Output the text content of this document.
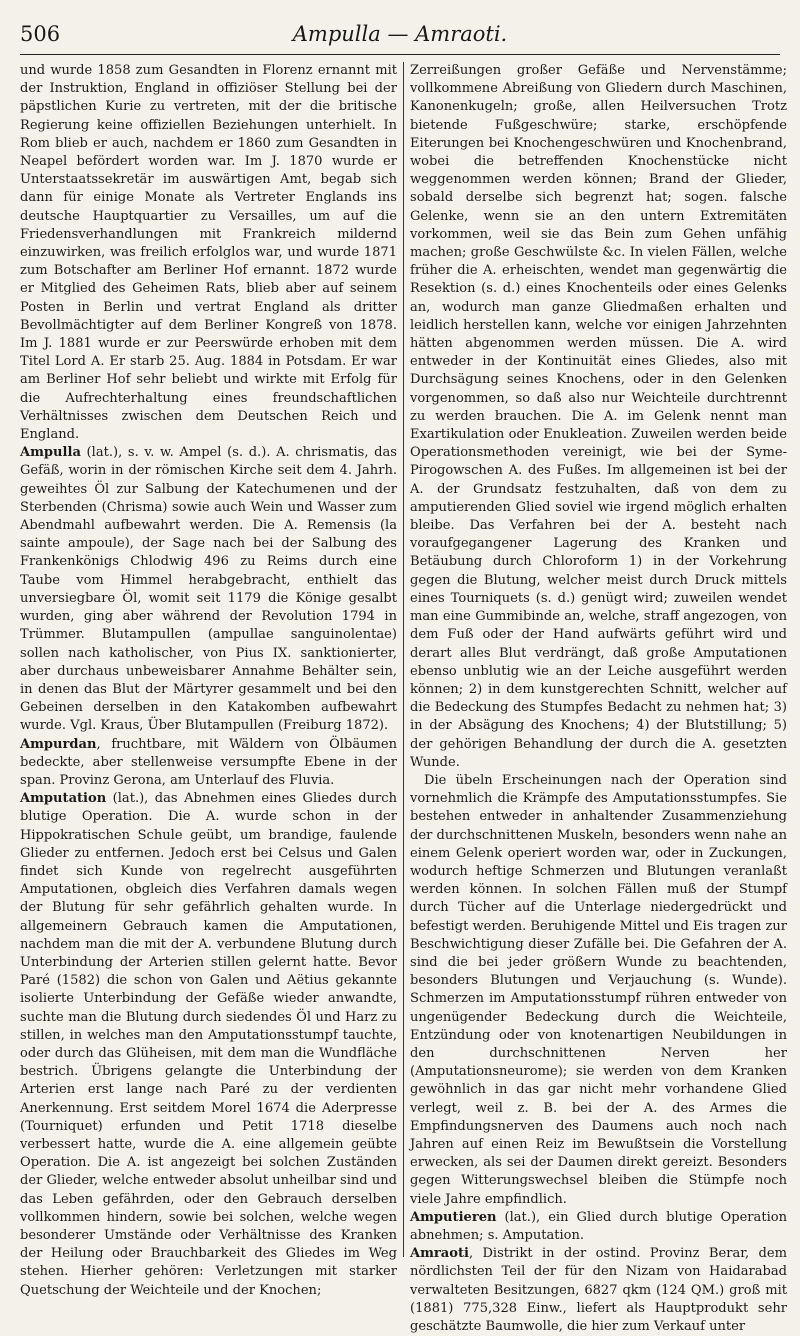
506	Ampulla — Amraoti.

und wurde 1858 zum Gesandten in Florenz ernannt mit der Instruktion, England in offiziöser Stellung bei der päpstlichen Kurie zu vertreten, mit der die britische Regierung keine offiziellen Beziehungen unterhielt. In Rom blieb er auch, nachdem er 1860 zum Gesandten in Neapel befördert worden war. Im J. 1870 wurde er Unterstaatssekretär im auswärtigen Amt, begab sich dann für einige Monate als Vertreter Englands ins deutsche Hauptquartier zu Versailles, um auf die Friedensverhandlungen mit Frankreich mildernd einzuwirken, was freilich erfolglos war, und wurde 1871 zum Botschafter am Berliner Hof ernannt. 1872 wurde er Mitglied des Geheimen Rats, blieb aber auf seinem Posten in Berlin und vertrat England als dritter Bevollmächtigter auf dem Berliner Kongreß von 1878. Im J. 1881 wurde er zur Peerswürde erhoben mit dem Titel Lord A. Er starb 25. Aug. 1884 in Potsdam. Er war am Berliner Hof sehr beliebt und wirkte mit Erfolg für die Aufrechterhaltung eines freundschaftlichen Verhältnisses zwischen dem Deutschen Reich und England.

Ampulla (lat.), s. v. w. Ampel (s. d.). A. chrismatis, das Gefäß, worin in der römischen Kirche seit dem 4. Jahrh. geweihtes Öl zur Salbung der Katechumenen und der Sterbenden (Chrisma) sowie auch Wein und Wasser zum Abendmahl aufbewahrt werden. Die A. Remensis (la sainte ampoule), der Sage nach bei der Salbung des Frankenkönigs Chlodwig 496 zu Reims durch eine Taube vom Himmel herabgebracht, enthielt das unversiegbare Öl, womit seit 1179 die Könige gesalbt wurden, ging aber während der Revolution 1794 in Trümmer. Blutampullen (ampullae sanguinolentae) sollen nach katholischer, von Pius IX. sanktionierter, aber durchaus unbeweisbarer Annahme Behälter sein, in denen das Blut der Märtyrer gesammelt und bei den Gebeinen derselben in den Katakomben aufbewahrt wurde. Vgl. Kraus, Über Blutampullen (Freiburg 1872).

Ampurdan, fruchtbare, mit Wäldern von Ölbäumen bedeckte, aber stellenweise versumpfte Ebene in der span. Provinz Gerona, am Unterlauf des Fluvia.

Amputation (lat.), das Abnehmen eines Gliedes durch blutige Operation. Die A. wurde schon in der Hippokratischen Schule geübt, um brandige, faulende Glieder zu entfernen. Jedoch erst bei Celsus und Galen findet sich Kunde von regelrecht ausgeführten Amputationen, obgleich dies Verfahren damals wegen der Blutung für sehr gefährlich gehalten wurde. In allgemeinern Gebrauch kamen die Amputationen, nachdem man die mit der A. verbundene Blutung durch Unterbindung der Arterien stillen gelernt hatte. Bevor Paré (1582) die schon von Galen und Aëtius gekannte isolierte Unterbindung der Gefäße wieder anwandte, suchte man die Blutung durch siedendes Öl und Harz zu stillen, in welches man den Amputationsstumpf tauchte, oder durch das Glüheisen, mit dem man die Wundfläche bestrich. Übrigens gelangte die Unterbindung der Arterien erst lange nach Paré zu der verdienten Anerkennung. Erst seitdem Morel 1674 die Aderpresse (Tourniquet) erfunden und Petit 1718 dieselbe verbessert hatte, wurde die A. eine allgemein geübte Operation. Die A. ist angezeigt bei solchen Zuständen der Glieder, welche entweder absolut unheilbar sind und das Leben gefährden, oder den Gebrauch derselben vollkommen hindern, sowie bei solchen, welche wegen besonderer Umstände oder Verhältnisse des Kranken der Heilung oder Brauchbarkeit des Gliedes im Weg stehen. Hierher gehören: Verletzungen mit starker Quetschung der Weichteile und der Knochen;

Zerreißungen großer Gefäße und Nervenstämme; vollkommene Abreißung von Gliedern durch Maschinen, Kanonenkugeln; große, allen Heilversuchen Trotz bietende Fußgeschwüre; starke, erschöpfende Eiterungen bei Knochengeschwüren und Knochenbrand, wobei die betreffenden Knochenstücke nicht weggenommen werden können; Brand der Glieder, sobald derselbe sich begrenzt hat; sogen. falsche Gelenke, wenn sie an den untern Extremitäten vorkommen, weil sie das Bein zum Gehen unfähig machen; große Geschwülste &c. In vielen Fällen, welche früher die A. erheischten, wendet man gegenwärtig die Resektion (s. d.) eines Knochenteils oder eines Gelenks an, wodurch man ganze Gliedmaßen erhalten und leidlich herstellen kann, welche vor einigen Jahrzehnten hätten abgenommen werden müssen. Die A. wird entweder in der Kontinuität eines Gliedes, also mit Durchsägung seines Knochens, oder in den Gelenken vorgenommen, so daß also nur Weichteile durchtrennt zu werden brauchen. Die A. im Gelenk nennt man Exartikulation oder Enukleation. Zuweilen werden beide Operationsmethoden vereinigt, wie bei der Syme-Pirogowschen A. des Fußes. Im allgemeinen ist bei der A. der Grundsatz festzuhalten, daß von dem zu amputierenden Glied soviel wie irgend möglich erhalten bleibe. Das Verfahren bei der A. besteht nach voraufgegangener Lagerung des Kranken und Betäubung durch Chloroform 1) in der Vorkehrung gegen die Blutung, welcher meist durch Druck mittels eines Tourniquets (s. d.) genügt wird; zuweilen wendet man eine Gummibinde an, welche, straff angezogen, von dem Fuß oder der Hand aufwärts geführt wird und derart alles Blut verdrängt, daß große Amputationen ebenso unblutig wie an der Leiche ausgeführt werden können; 2) in dem kunstgerechten Schnitt, welcher auf die Bedeckung des Stumpfes Bedacht zu nehmen hat; 3) in der Absägung des Knochens; 4) der Blutstillung; 5) der gehörigen Behandlung der durch die A. gesetzten Wunde.

Die übeln Erscheinungen nach der Operation sind vornehmlich die Krämpfe des Amputationsstumpfes. Sie bestehen entweder in anhaltender Zusammenziehung der durchschnittenen Muskeln, besonders wenn nahe an einem Gelenk operiert worden war, oder in Zuckungen, wodurch heftige Schmerzen und Blutungen veranlaßt werden können. In solchen Fällen muß der Stumpf durch Tücher auf die Unterlage niedergedrückt und befestigt werden. Beruhigende Mittel und Eis tragen zur Beschwichtigung dieser Zufälle bei. Die Gefahren der A. sind die bei jeder größern Wunde zu beachtenden, besonders Blutungen und Verjauchung (s. Wunde). Schmerzen im Amputationsstumpf rühren entweder von ungenügender Bedeckung durch die Weichteile, Entzündung oder von knotenartigen Neubildungen in den durchschnittenen Nerven her (Amputationsneurome); sie werden von dem Kranken gewöhnlich in das gar nicht mehr vorhandene Glied verlegt, weil z. B. bei der A. des Armes die Empfindungsnerven des Daumens auch noch nach Jahren auf einen Reiz im Bewußtsein die Vorstellung erwecken, als sei der Daumen direkt gereizt. Besonders gegen Witterungswechsel bleiben die Stümpfe noch viele Jahre empfindlich.

Amputieren (lat.), ein Glied durch blutige Operation abnehmen; s. Amputation.

Amraoti, Distrikt in der ostind. Provinz Berar, dem nördlichsten Teil der für den Nizam von Haidarabad verwalteten Besitzungen, 6827 qkm (124 QM.) groß mit (1881) 775,328 Einw., liefert als Hauptprodukt sehr geschätzte Baumwolle, die hier zum Verkauf unter
